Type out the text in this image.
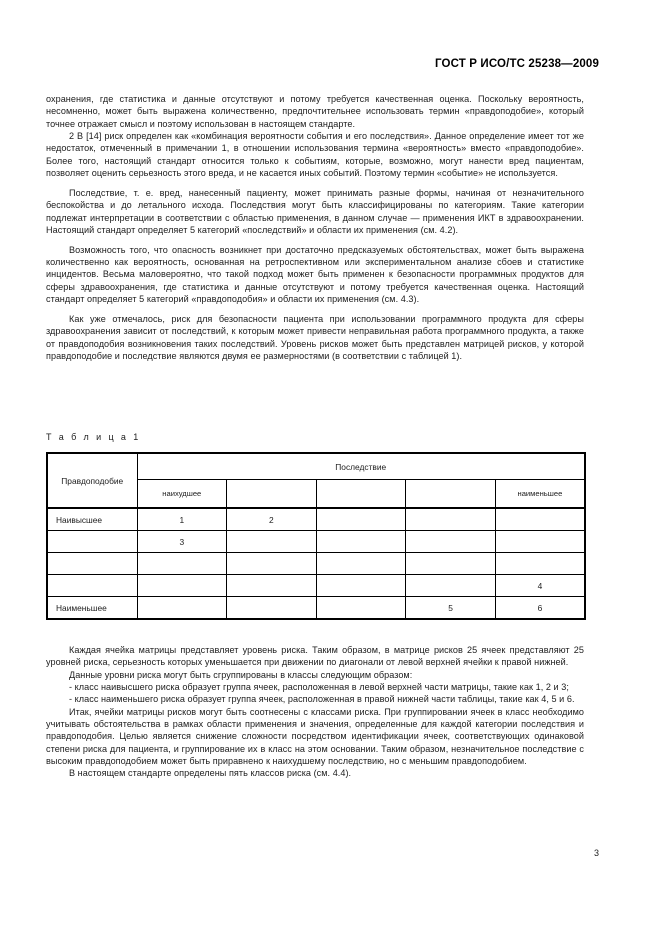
ГОСТ Р ИСО/ТС 25238—2009

охранения, где статистика и данные отсутствуют и потому требуется качественная оценка. Поскольку вероятность, несомненно, может быть выражена количественно, предпочтительнее использовать термин «правдоподобие», который точнее отражает смысл и поэтому использован в настоящем стандарте.

2 В [14] риск определен как «комбинация вероятности события и его последствия». Данное определение имеет тот же недостаток, отмеченный в примечании 1, в отношении использования термина «вероятность» вместо «правдоподобие». Более того, настоящий стандарт относится только к событиям, которые, возможно, могут нанести вред пациентам, позволяет оценить серьезность этого вреда, и не касается иных событий. Поэтому термин «событие» не используется.

Последствие, т. е. вред, нанесенный пациенту, может принимать разные формы, начиная от незначительного беспокойства и до летального исхода. Последствия могут быть классифицированы по категориям. Такие категории подлежат интерпретации в соответствии с областью применения, в данном случае — применения ИКТ в здравоохранении. Настоящий стандарт определяет 5 категорий «последствий» и области их применения (см. 4.2).

Возможность того, что опасность возникнет при достаточно предсказуемых обстоятельствах, может быть выражена количественно как вероятность, основанная на ретроспективном или экспериментальном анализе сбоев и статистике инцидентов. Весьма маловероятно, что такой подход может быть применен к безопасности программных продуктов для сферы здравоохранения, где статистика и данные отсутствуют и потому требуется качественная оценка. Настоящий стандарт определяет 5 категорий «правдоподобия» и области их применения (см. 4.3).

Как уже отмечалось, риск для безопасности пациента при использовании программного продукта для сферы здравоохранения зависит от последствий, к которым может привести неправильная работа программного продукта, а также от правдоподобия возникновения таких последствий. Уровень рисков может быть представлен матрицей рисков, у которой правдоподобие и последствие являются двумя ее размерностями (в соответствии с таблицей 1).

Т а б л и ц а 1
Правдоподобие	Последствие				
	наихудшее				наименьшее
Наивысшее	1	2			
	3				

					4
Наименьшее				5	6

Каждая ячейка матрицы представляет уровень риска. Таким образом, в матрице рисков 25 ячеек представляют 25 уровней риска, серьезность которых уменьшается при движении по диагонали от левой верхней ячейки к правой нижней.

Данные уровни риска могут быть сгруппированы в классы следующим образом:

- класс наивысшего риска образует группа ячеек, расположенная в левой верхней части матрицы, такие как 1, 2 и 3;

- класс наименьшего риска образует группа ячеек, расположенная в правой нижней части таблицы, такие как 4, 5 и 6.

Итак, ячейки матрицы рисков могут быть соотнесены с классами риска. При группировании ячеек в класс необходимо учитывать обстоятельства в рамках области применения и значения, определенные для каждой категории последствия и правдоподобия. Целью является снижение сложности посредством идентификации ячеек, соответствующих одинаковой степени риска для пациента, и группирование их в класс на этом основании. Таким образом, незначительное последствие с высоким правдоподобием может быть приравнено к наихудшему последствию, но с меньшим правдоподобием.

В настоящем стандарте определены пять классов риска (см. 4.4).

3
